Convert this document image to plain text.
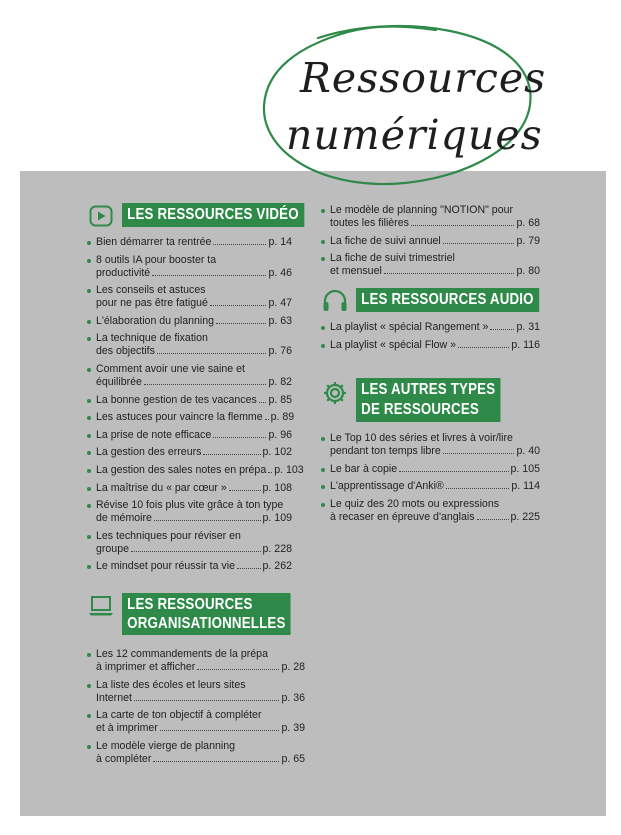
Ressources
numériques
LES RESSOURCES VIDÉO
Bien démarrer ta rentrée	p. 14
8 outils IA pour booster ta
productivité	p. 46
Les conseils et astuces
pour ne pas être fatigué	p. 47
L'élaboration du planning	p. 63
La technique de fixation
des objectifs	p. 76
Comment avoir une vie saine et
équilibrée	p. 82
La bonne gestion de tes vacances p. 85
Les astuces pour vaincre la flemme p. 89
La prise de note efficace	p. 96
La gestion des erreurs	p. 102
La gestion des sales notes en prépa p. 103
La maîtrise du « par cœur »	p. 108
Révise 10 fois plus vite grâce à ton type
de mémoire	p. 109
Les techniques pour réviser en
groupe	p. 228
Le mindset pour réussir ta vie	p. 262
LES RESSOURCES
ORGANISATIONNELLES
Les 12 commandements de la prépa
à imprimer et afficher	p. 28
La liste des écoles et leurs sites
Internet	p. 36
La carte de ton objectif à compléter
et à imprimer	p. 39
Le modèle vierge de planning
à compléter	p. 65
Le modèle de planning "NOTION" pour
toutes les filières	p. 68
La fiche de suivi annuel	p. 79
La fiche de suivi trimestriel
et mensuel	p. 80
LES RESSOURCES AUDIO
La playlist « spécial Rangement »	p. 31
La playlist « spécial Flow »	p. 116
LES AUTRES TYPES
DE RESSOURCES
Le Top 10 des séries et livres à voir/lire
pendant ton temps libre	p. 40
Le bar à copie	p. 105
L'apprentissage d'Anki®	p. 114
Le quiz des 20 mots ou expressions
à recaser en épreuve d'anglais	p. 225
